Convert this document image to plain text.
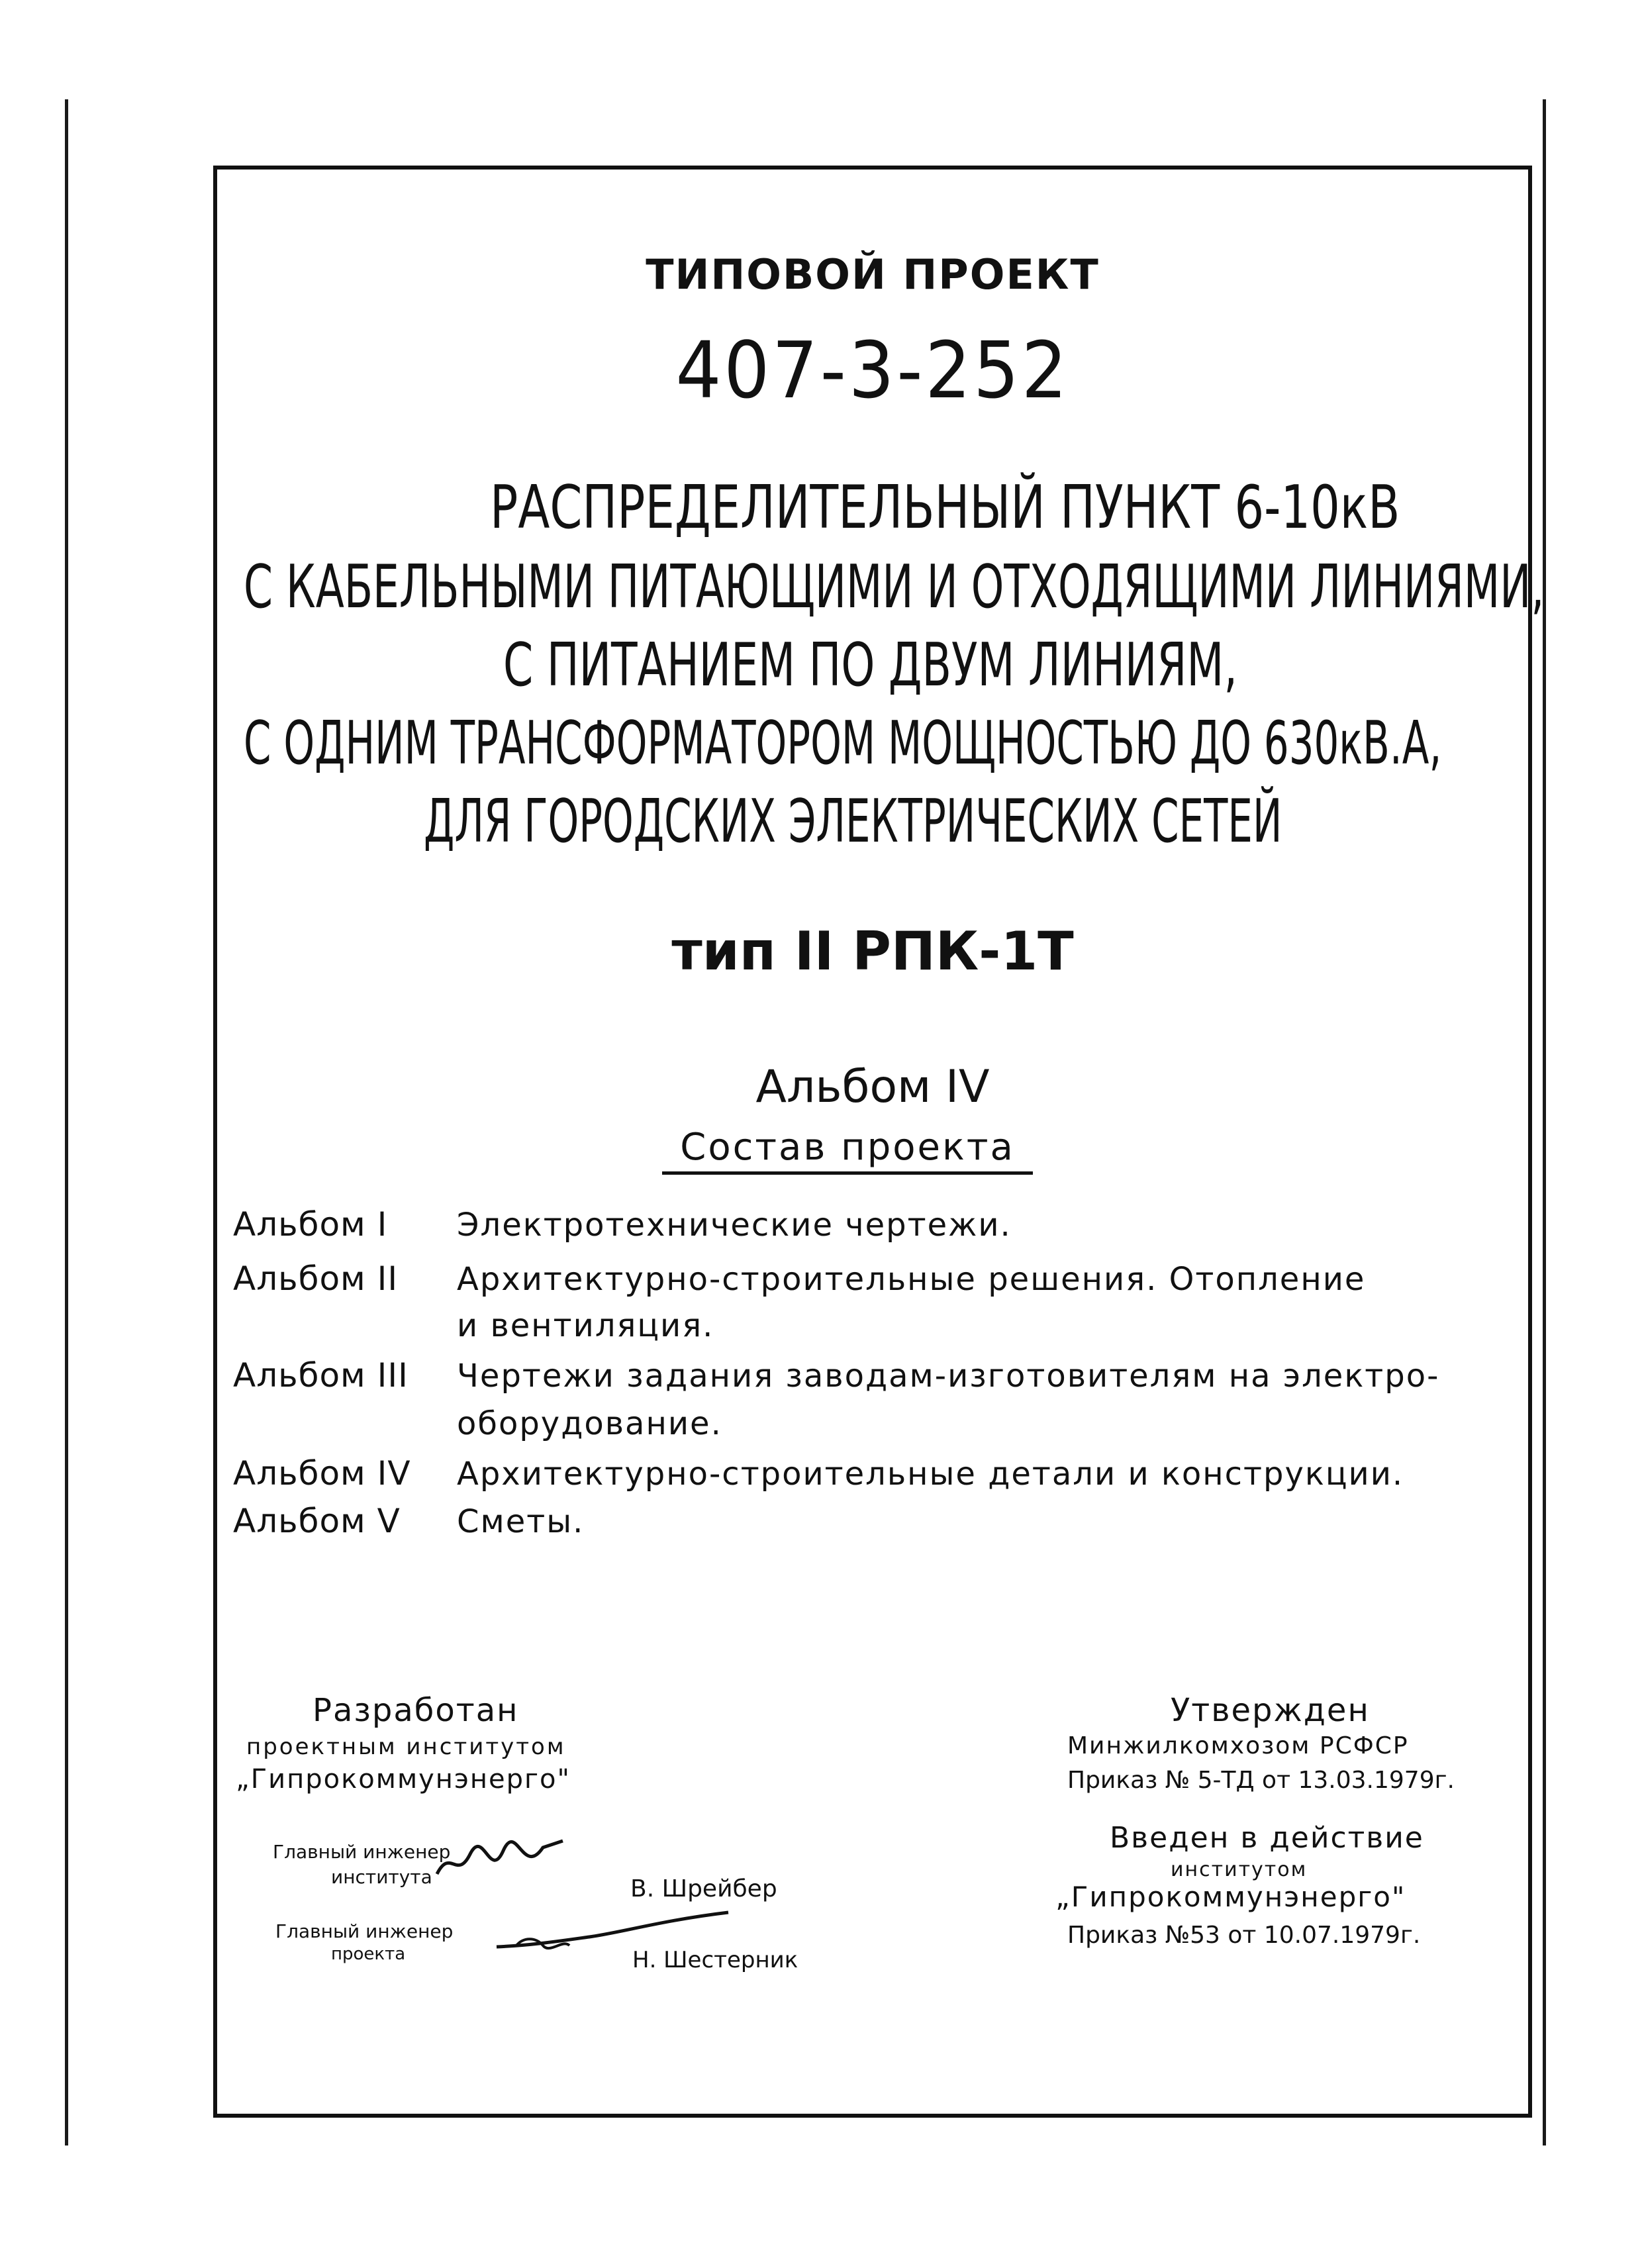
ТИПОВОЙ ПРОЕКТ
407-3-252
РАСПРЕДЕЛИТЕЛЬНЫЙ ПУНКТ 6-10кВ
С КАБЕЛЬНЫМИ ПИТАЮЩИМИ И ОТХОДЯЩИМИ ЛИНИЯМИ,
С ПИТАНИЕМ ПО ДВУМ ЛИНИЯМ,
С ОДНИМ ТРАНСФОРМАТОРОМ МОЩНОСТЬЮ ДО 630кВ.А,
ДЛЯ ГОРОДСКИХ ЭЛЕКТРИЧЕСКИХ СЕТЕЙ
тип II РПК-1Т
Альбом IV
Состав проекта
Альбом I Электротехнические чертежи.
Альбом II Архитектурно-строительные решения. Отопление
и вентиляция.
Альбом III Чертежи задания заводам-изготовителям на электро-
оборудование.
Альбом IV Архитектурно-строительные детали и конструкции.
Альбом V Сметы.
Разработан
проектным институтом
„Гипрокоммунэнерго"
Главный инженер
института	В. Шрейбер
Главный инженер
проекта	Н. Шестерник
Утвержден
Минжилкомхозом РСФСР
Приказ № 5-ТД от 13.03.1979г.
Введен в действие
институтом
„Гипрокоммунэнерго"
Приказ №53 от 10.07.1979г.
